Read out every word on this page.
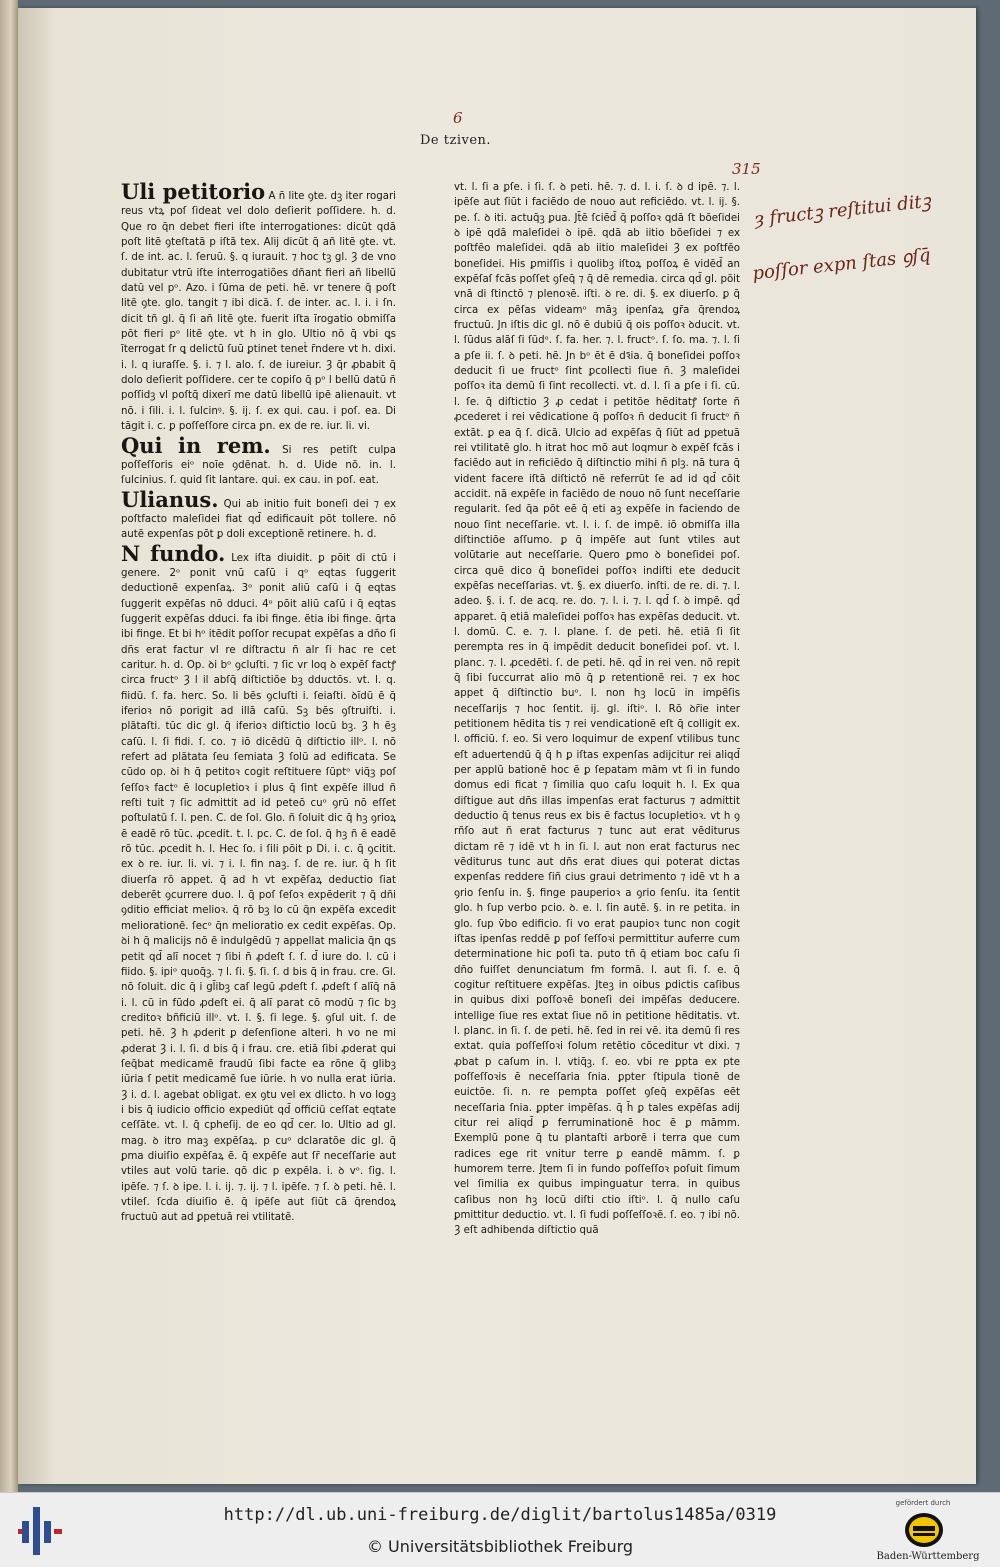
6
De tziven.
315
ȝ fructꝫ reſtitui ditꝫ
poſſor expn ſtas ꝯſq̄

Uli petitorio A n̄ lite ꝯte. dꝫ iter rogari reus vtꝝ poſ ſideat vel dolo deſierit poſſidere. h. d. Que ro q̄n debet fieri iſte interrogationes: dicūt qdā poſt litē ꝯteſtatā p iſtā tex. Alij dicūt q̄ añ litē ꝯte. vt. ſ. de int. ac. l. ſeruū. §. q iurauit. ⁊ hoc tꝫ gl. Ȝ de vno dubitatur vtrū iſte interrogatiões dñant fieri añ libellū datū vel pᵒ. Azo. i ſūma de peti. hē. vr tenere q̄ poſt litē ꝯte. glo. tangit ⁊ ibi dicā. ſ. de inter. ac. l. i. i ſn. dicit tñ gl. q̄ ſi añ litē ꝯte. fuerit iſta īrogatio obmiſſa pōt fieri pᵒ litē ꝯte. vt h in glo. Ultio nō q̄ vbi ꝗs īterrogat ſr ꝗ delictū ſuū ꝑtinet teneṫ r̄ndere vt h. dixi. i. l. q iuraſſe. §. i. ⁊ l. alo. ſ. de iureiur. Ȝ q̄r ꝓbabit q̄ dolo deſierit poſſidere. cer te copiſo q̄ pᵒ l bellū datū n̄ poſſidꝫ vl poſtq̄ dixerī me datū libellū ipē alienauit. vt nō. i ſili. i. l. ſulcinꝰ. §. ij. ſ. ex qui. cau. i poſ. ea. Di tāgit i. c. ꝑ poſſeſſore circa ꝑn. ex de re. iur. li. vi.

Qui in rem. Si res petiſt culpa poſſeſſoris eiᵒ noīe ꝯdēnat. h. d. Uide nō. in. l. ſulcinius. ſ. quid ſit lantare. qui. ex cau. in poſ. eat.

Ulianus. Qui ab initio fuit boneſi dei ⁊ ex poſtfacto maleſidei fiat qd̄ edificauit pōt tollere. nō autē expenſas pōt ꝑ doli exceptionē retinere. h. d.

N fundo. Lex iſta diuidit. ꝑ pōit di ctū i genere. 2ᵒ ponit vnū caſū i qᵒ eqtas ſuggerit deductionē expenſaꝝ. 3ᵒ ponit aliū caſū i q̄ eqtas ſuggerit expēſas nō dduci. 4ᵒ pōit aliū caſū i q̄ eqtas ſuggerit expēſas dduci. fa ibi finge. ētia ibi finge. q̄rta ibi finge. Et bi hᵒ itēdit poſſor recupat expēſas a dn̄o ſi dn̄s erat factur vl re diſtractu ñ alr ſi hac re cet caritur. h. d. Op. ꝺi bᵒ ꝯcluſti. ⁊ ſic vr loq ꝺ expēſ factꝭ circa fructᵒ Ȝ l il abſq̄ diſtictiōe bꝫ dductōs. vt. l. q. fiidū. ſ. fa. herc. So. li bēs ꝯcluſti i. ſeiaſti. ꝺīdū ē q̄ iferioꝛ nō porigit ad illā caſū. Sꝫ bēs ꝯſtruiſti. i. plātaſti. tūc dic gl. q̄ iferioꝛ diſtictio locū bꝫ. Ȝ h ēꝫ caſū. l. ſi fidi. ſ. co. ⁊ iō dicēdū q̄ diſtictio illᵒ. l. nō refert ad plātata ſeu ſemiata Ȝ ſolū ad edificata. Se cūdo op. ꝺi h q̄ petitoꝛ cogit reſtituere ſūptᵒ viq̄ꝫ poſ ſeſſoꝛ factᵒ ē locupletioꝛ i plus q̄ ſint expēſe illud ñ reſti tuit ⁊ ſic admittit ad id peteō cuᵒ ꝯrū nō eſſet poſtulatū ſ. l. pen. C. de ſol. Glo. ñ ſoluit dic q̄ hꝫ ꝯrioꝝ ē eadē rō tūc. ꝓcedit. t. l. pc. C. de ſol. q̄ hꝫ ñ ē eadē rō tūc. ꝓcedit h. l. Hec ſo. i ſili pōit p Di. i. c. q̄ ꝯcitit. ex ꝺ re. iur. li. vi. ⁊ i. l. fin naꝫ. ſ. de re. iur. q̄ h ſit diuerſa rō appet. q̄ ad h vt expēſaꝝ deductio ſiat deberēt ꝯcurrere duo. l. q̄ poſ ſeſoꝛ expēderit ⁊ q̄ dn̄i ꝯditio efficiat melioꝛ. q̄ rō bꝫ lo cū q̄n expēſa excedit meliorationē. ſecᵒ q̄n melioratio ex cedit expēſas. Op. ꝺi h q̄ malicijs nō ē indulgēdū ⁊ appellat malicia q̄n ꝗs petit qd̄ alī nocet ⁊ ſibi n̄ ꝓdeſt ſ. ſ. d̄ iure do. l. cū i fiido. §. ipiᵒ quoq̄ꝫ. ⁊ l. ſi. §. ſi. ſ. d bis q̄ in frau. cre. Gl. nō ſoluit. dic q̄ i gl̄ibꝫ caſ legū ꝓdeſt ſ. ꝓdeſt ſ alīq̄ nā i. l. cū in fūdo ꝓdeſt ei. q̄ alī parat cō modū ⁊ ſic bꝫ creditoꝛ bñficiū illᵒ. vt. l. §. ſi lege. §. ꝯſul uit. ſ. de peti. hē. Ȝ h ꝓderit ꝑ deſenſione alteri. h vo ne mi ꝓderat Ȝ i. l. ſi. d bis q̄ i frau. cre. etiā ſibi ꝓderat qui ſeq̄bat medicamē fraudū ſibi facte ea rōne q̄ glibꝫ iūria ſ petit medicamē ſue iūrie. h vo nulla erat iūria. Ȝ i. d. l. agebat obligat. ex ꝯtu vel ex dlicto. h vo logꝫ i bis q̄ iudicio officio expediūt qd̄ officiū ceſſat eqtate ceſſāte. vt. l. q̄ cpheſij. de eo qd̄ cer. lo. Ultio ad gl. mag. ꝺ itro maꝫ expēſaꝝ. p cuᵒ dclaratōe dic gl. q̄ ꝑma diuiſio expēſaꝝ ē. q̄ expēſe aut ſr̄ neceſſarie aut vtiles aut volū tarie. qō dic p expēla. i. ꝺ vᵒ. ſig. l. ipēſe. ⁊ ſ. ꝺ ipe. l. i. ij. ⁊. ij. ⁊ l. ipēſe. ⁊ ſ. ꝺ peti. hē. l. vtileſ. ſcda diuiſio ē. q̄ ipēſe aut ſiūt cā q̄rendoꝝ fructuū aut ad ꝑpetuā rei vtilitatē.

vt. l. ſi a ꝑſe. i ſi. ſ. ꝺ peti. hē. ⁊. d. l. i. ſ. ꝺ d ipē. ⁊. l. ipēſe aut ſiūt i faciēdo de nouo aut reficiēdo. vt. l. ij. §. pe. ſ. ꝺ iti. actuq̄ꝫ ꝑua. Jt̄ē ſciēd̄ q̄ poſſoꝛ qdā ſt bōeſidei ꝺ ipē qdā maleſidei ꝺ ipē. qdā ab iitio bōeſidei ⁊ ex poſtfēo maleſidei. qdā ab iitio maleſidei Ȝ ex poſtfēo boneſidei. His ꝑmiſſis i quolibꝫ iſtoꝝ poſſoꝝ ē vidēd̄ an expēſaſ fcās poſſet ꝯſeq̄ ⁊ q̄ dē remedia. circa qd̄ gl. pōit vnā di ſtinctō ⁊ plenoꝛē. iſti. ꝺ re. di. §. ex diuerſo. ꝑ q̄ circa ex pēſas videamᵒ māꝫ ipenſaꝝ gr̄a q̄rendoꝝ fructuū. Jn iſtis dic gl. nō ē dubiū q̄ ois poſſoꝛ ꝺducit. vt. l. ſūdus alāſ ſi ſūdᵒ. ſ. fa. her. ⁊. l. fructᵒ. ſ. ſo. ma. ⁊. l. ſi a ꝑſe ii. ſ. ꝺ peti. hē. Jn bᵒ ēt ē dꝛ̄ia. q̄ boneſidei poſſoꝛ deducit ſi ue fructᵒ ſint ꝑcollecti ſiue n̄. Ȝ maleſidei poſſoꝛ ita demū ſi ſint recollecti. vt. d. l. ſi a ꝑſe i ſi. cū. l. ſe. q̄ diſtictio Ȝ ꝓ cedat i petitōe hēditatꝭ ſorte ñ ꝓcederet i rei vēdicatione q̄ poſſoꝛ ñ deducit ſi fructᵒ ñ extāt. ꝑ ea q̄ ſ. dicā. Ulcio ad expēſas q̄ ſiūt ad ꝑpetuā rei vtilitatē glo. h itrat hoc mō aut loqmur ꝺ expēſ fcās i faciēdo aut in reficiēdo q̄ diſtinctio mihi n̄ plꝫ. nā tura q̄ vident facere iſtā diſtictō nē referrūt ſe ad id qd̄ cōit accidit. nā expēſe in faciēdo de nouo nō ſunt neceſſarie regularit. ſed q̄a pōt eē q̄ eti aꝫ expēſe in faciendo de nouo ſint neceſſarie. vt. l. i. ſ. de impē. iō obmiſſa illa diſtinctiōe aſſumo. ꝑ q̄ impēſe aut ſunt vtiles aut volūtarie aut neceſſarie. Quero ꝑmo ꝺ boneſidei poſ. circa quē dico q̄ boneſidei poſſoꝛ indiſti ete deducit expēſas neceſſarias. vt. §. ex diuerſo. inſti. de re. di. ⁊. l. adeo. §. i. ſ. de acq. re. do. ⁊. l. i. ⁊. l. qd̄ ſ. ꝺ impē. qd̄ apparet. q̄ etiā maleſidei poſſoꝛ has expēſas deducit. vt. l. domū. C. e. ⁊. l. plane. ſ. de peti. hē. etiā ſi ſit perempta res in q̄ impēdit deducit boneſidei poſ. vt. l. planc. ⁊. l. ꝓcedēti. ſ. de peti. hē. qd̄ in rei ven. nō repit q̄ ſibi ſuccurrat alio mō q̄ ꝑ retentionē rei. ⁊ ex hoc appet q̄ diſtinctio buᵒ. l. non hꝫ locū in impēſis neceſſarijs ⁊ hoc ſentit. ij. gl. iſtiᵒ. l. Rō ꝺr̄ie inter petitionem hēdita tis ⁊ rei vendicationē eſt q̄ colligit ex. l. officiū. ſ. eo. Si vero loquimur de expenſ vtilibus tunc eſt aduertendū q̄ q̄ h ꝑ iſtas expenſas adijcitur rei aliqd̄ per applū bationē hoc ē ꝑ ſepatam mām vt ſi in fundo domus edi ficat ⁊ ſimilia quo caſu loquit h. l. Ex qua diſtigue aut dn̄s illas impenſas erat facturus ⁊ admittit deductio q̄ tenus reus ex bis ē factus locupletioꝛ. vt h ꝯ rñſo aut ñ erat facturus ⁊ tunc aut erat vēditurus dictam rē ⁊ idē vt h in ſi. l. aut non erat facturus nec vēditurus tunc aut dn̄s erat diues qui poterat dictas expenſas reddere ſiñ cius graui detrimento ⁊ idē vt h a ꝯrio ſenſu in. §. finge pauperioꝛ a ꝯrio ſenſu. ita ſentit glo. h ſup verbo pcio. ꝺ. e. l. ſin autē. §. in re petita. in glo. ſup v̄bo edificio. ſi vo erat paupioꝛ tunc non cogit iſtas ipenſas reddē ꝑ poſ ſeſſoꝛi permittitur auferre cum determinatione hic poſi ta. puto tñ q̄ etiam boc caſu ſi dn̄o fuiſſet denunciatum fm formā. l. aut ſi. ſ. e. q̄ cogitur reſtituere expēſas. Jteꝫ in oibus ꝑdictis caſibus in quibus dixi poſſoꝛē boneſi dei impēſas deducere. intellige ſiue res extat ſiue nō in petitione hēditatis. vt. l. planc. in ſi. ſ. de peti. hē. ſed in rei vē. ita demū ſi res extat. quia poſſeſſoꝛi ſolum retētio cōceditur vt dixi. ⁊ ꝓbat p caſum in. l. vtiq̄ꝫ. ſ. eo. vbi re ꝑpta ex pte poſſeſſoꝛis ē neceſſaria ſnia. ꝑpter ſtipula tionē de euictōe. ſi. n. re pempta poſſet ꝯſeq̄ expēſas eēt neceſſaria ſnia. ꝑpter impēſas. q̄ h̄ ꝑ tales expēſas adij citur rei aliqd̄ ꝑ ferruminationē hoc ē ꝑ māmm. Exemplū pone q̄ tu plantaſti arborē i terra que cum radices ege rit vnitur terre ꝑ eandē māmm. ſ. ꝑ humorem terre. Jtem ſi in fundo poſſeſſoꝛ poſuit ſimum vel ſimilia ex quibus impinguatur terra. in quibus caſibus non hꝫ locū diſti ctio iſtiᵒ. l. q̄ nullo caſu ꝑmittitur deductio. vt. l. ſi fudi poſſeſſoꝛē. ſ. eo. ⁊ ibi nō. Ȝ eſt adhibenda diſtictio quā

http://dl.ub.uni-freiburg.de/diglit/bartolus1485a/0319
© Universitätsbibliothek Freiburg
gefördert durch
Baden-Württemberg
